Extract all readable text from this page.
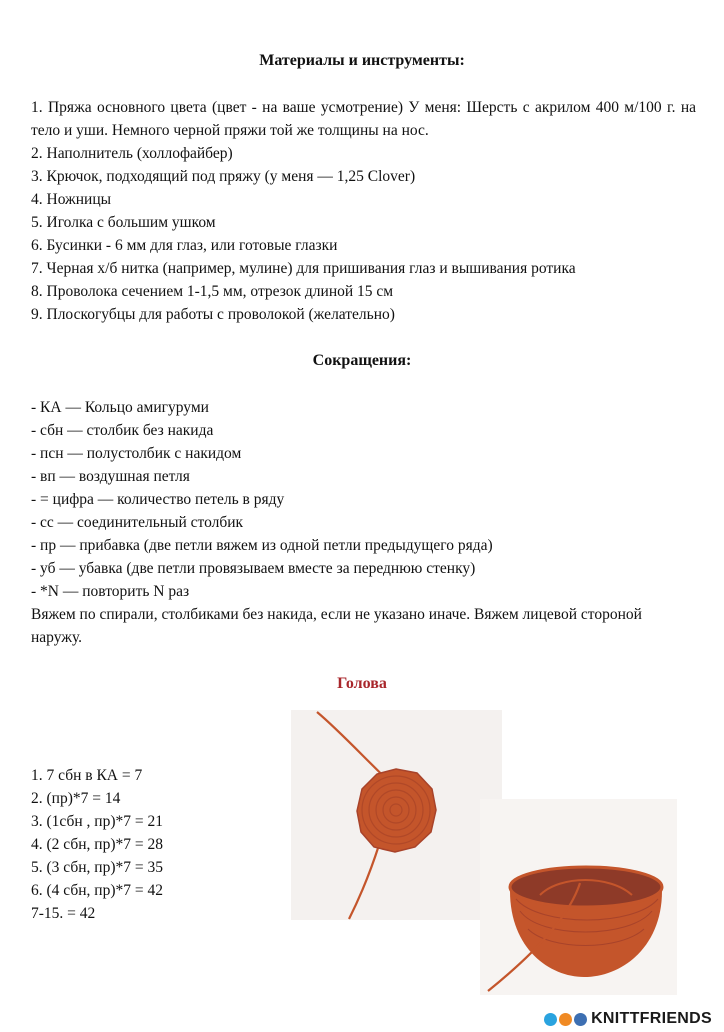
Материалы и инструменты:

1. Пряжа основного цвета (цвет - на ваше усмотрение) У меня: Шерсть с акрилом 400 м/100 г. на тело и уши. Немного черной пряжи той же толщины на нос.

2. Наполнитель (холлофайбер)

3. Крючок, подходящий под пряжу (у меня — 1,25 Clover)

4. Ножницы

5. Иголка с большим ушком

6. Бусинки - 6 мм для глаз, или готовые глазки

7. Черная х/б нитка (например, мулине) для пришивания глаз и вышивания ротика

8. Проволока сечением 1-1,5 мм, отрезок длиной 15 см

9. Плоскогубцы для работы с проволокой (желательно)

Сокращения:

- КА — Кольцо амигуруми

- сбн — столбик без накида

- псн — полустолбик с накидом

- вп — воздушная петля

- = цифра — количество петель в ряду

- сс — соединительный столбик

- пр — прибавка (две петли вяжем из одной петли предыдущего ряда)

- уб — убавка (две петли провязываем вместе за переднюю стенку)

- *N — повторить N раз

Вяжем по спирали, столбиками без накида, если не указано иначе. Вяжем лицевой стороной наружу.

Голова

1. 7 сбн в КА = 7

2. (пр)*7 = 14

3. (1сбн , пр)*7 = 21

4. (2 сбн, пр)*7 = 28

5. (3 сбн, пр)*7 = 35

6. (4 сбн, пр)*7 = 42

7-15. = 42

KNITTFRIENDS
